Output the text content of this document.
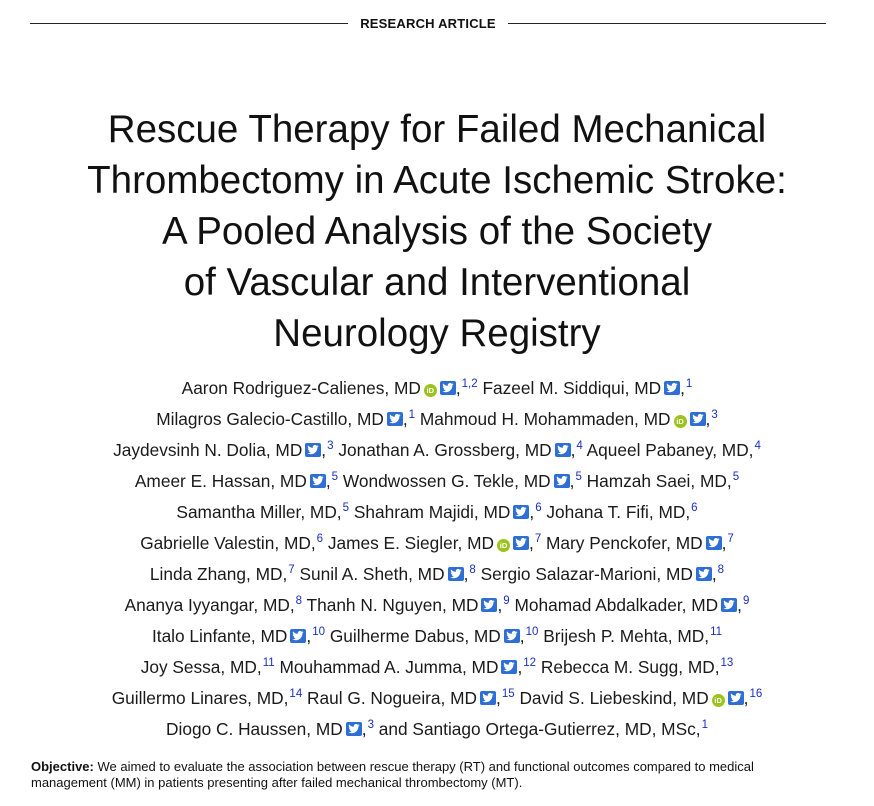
RESEARCH ARTICLE
Rescue Therapy for Failed Mechanical
Thrombectomy in Acute Ischemic Stroke:
A Pooled Analysis of the Society
of Vascular and Interventional
Neurology Registry
Aaron Rodriguez-Calienes, MD iD ,$^{1,2}$ Fazeel M. Siddiqui, MD ,$^1$
Milagros Galecio-Castillo, MD ,$^1$ Mahmoud H. Mohammaden, MD iD ,$^3$
Jaydevsinh N. Dolia, MD ,$^3$ Jonathan A. Grossberg, MD ,$^4$ Aqueel Pabaney, MD,$^4$
Ameer E. Hassan, MD ,$^5$ Wondwossen G. Tekle, MD ,$^5$ Hamzah Saei, MD,$^5$
Samantha Miller, MD,$^5$ Shahram Majidi, MD ,$^6$ Johana T. Fifi, MD,$^6$
Gabrielle Valestin, MD,$^6$ James E. Siegler, MD iD ,$^7$ Mary Penckofer, MD ,$^7$
Linda Zhang, MD,$^7$ Sunil A. Sheth, MD ,$^8$ Sergio Salazar-Marioni, MD ,$^8$
Ananya Iyyangar, MD,$^8$ Thanh N. Nguyen, MD ,$^9$ Mohamad Abdalkader, MD ,$^9$
Italo Linfante, MD ,$^{10}$ Guilherme Dabus, MD ,$^{10}$ Brijesh P. Mehta, MD,$^{11}$
Joy Sessa, MD,$^{11}$ Mouhammad A. Jumma, MD ,$^{12}$ Rebecca M. Sugg, MD,$^{13}$
Guillermo Linares, MD,$^{14}$ Raul G. Nogueira, MD ,$^{15}$ David S. Liebeskind, MD iD ,$^{16}$
Diogo C. Haussen, MD ,$^3$ and Santiago Ortega-Gutierrez, MD, MSc,$^1$
Objective: We aimed to evaluate the association between rescue therapy (RT) and functional outcomes compared to medical management (MM) in patients presenting after failed mechanical thrombectomy (MT).
